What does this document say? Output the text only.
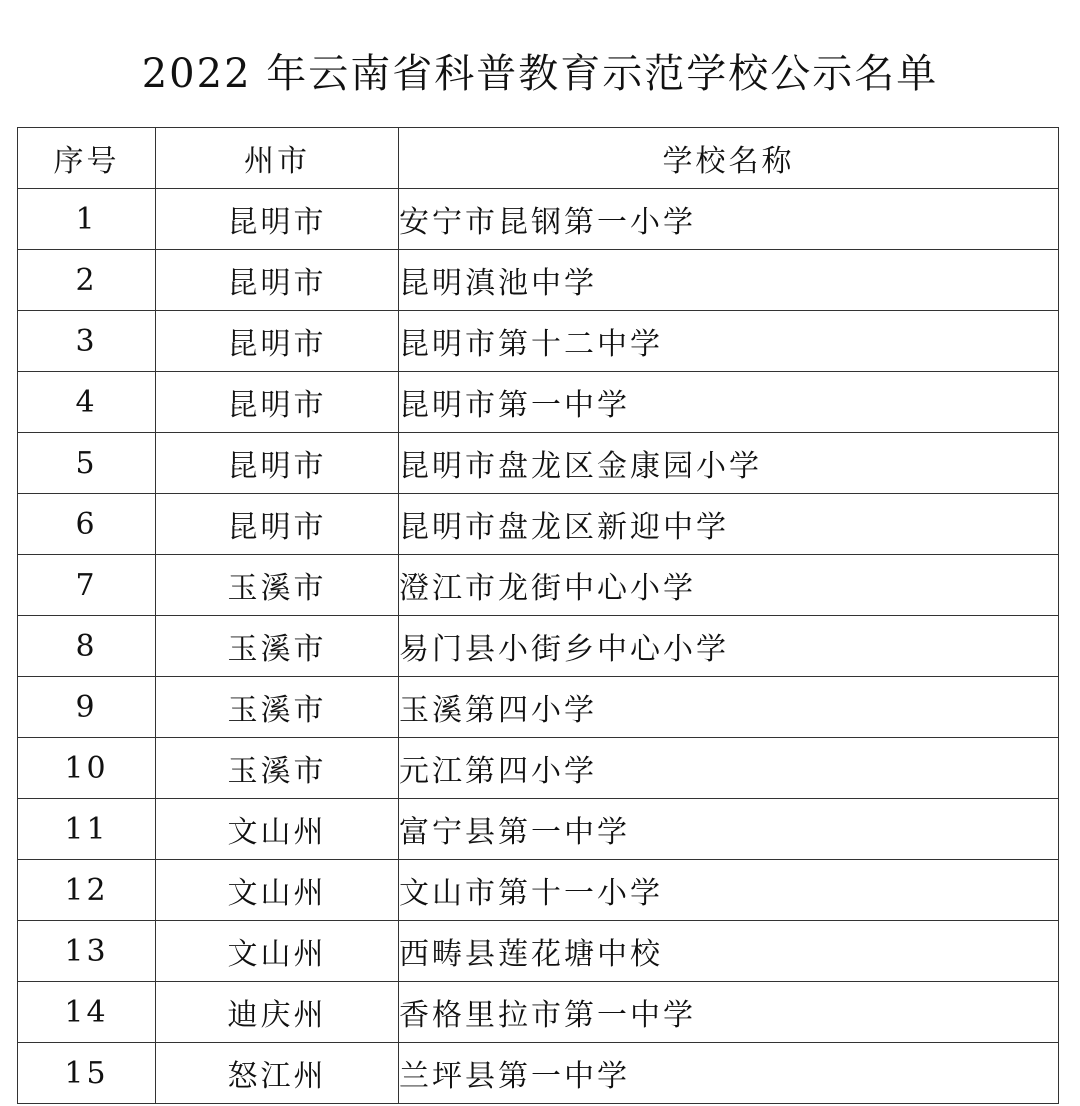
2022 年云南省科普教育示范学校公示名单
序号	州市	学校名称
1	昆明市	安宁市昆钢第一小学
2	昆明市	昆明滇池中学
3	昆明市	昆明市第十二中学
4	昆明市	昆明市第一中学
5	昆明市	昆明市盘龙区金康园小学
6	昆明市	昆明市盘龙区新迎中学
7	玉溪市	澄江市龙街中心小学
8	玉溪市	易门县小街乡中心小学
9	玉溪市	玉溪第四小学
10	玉溪市	元江第四小学
11	文山州	富宁县第一中学
12	文山州	文山市第十一小学
13	文山州	西畴县莲花塘中校
14	迪庆州	香格里拉市第一中学
15	怒江州	兰坪县第一中学
